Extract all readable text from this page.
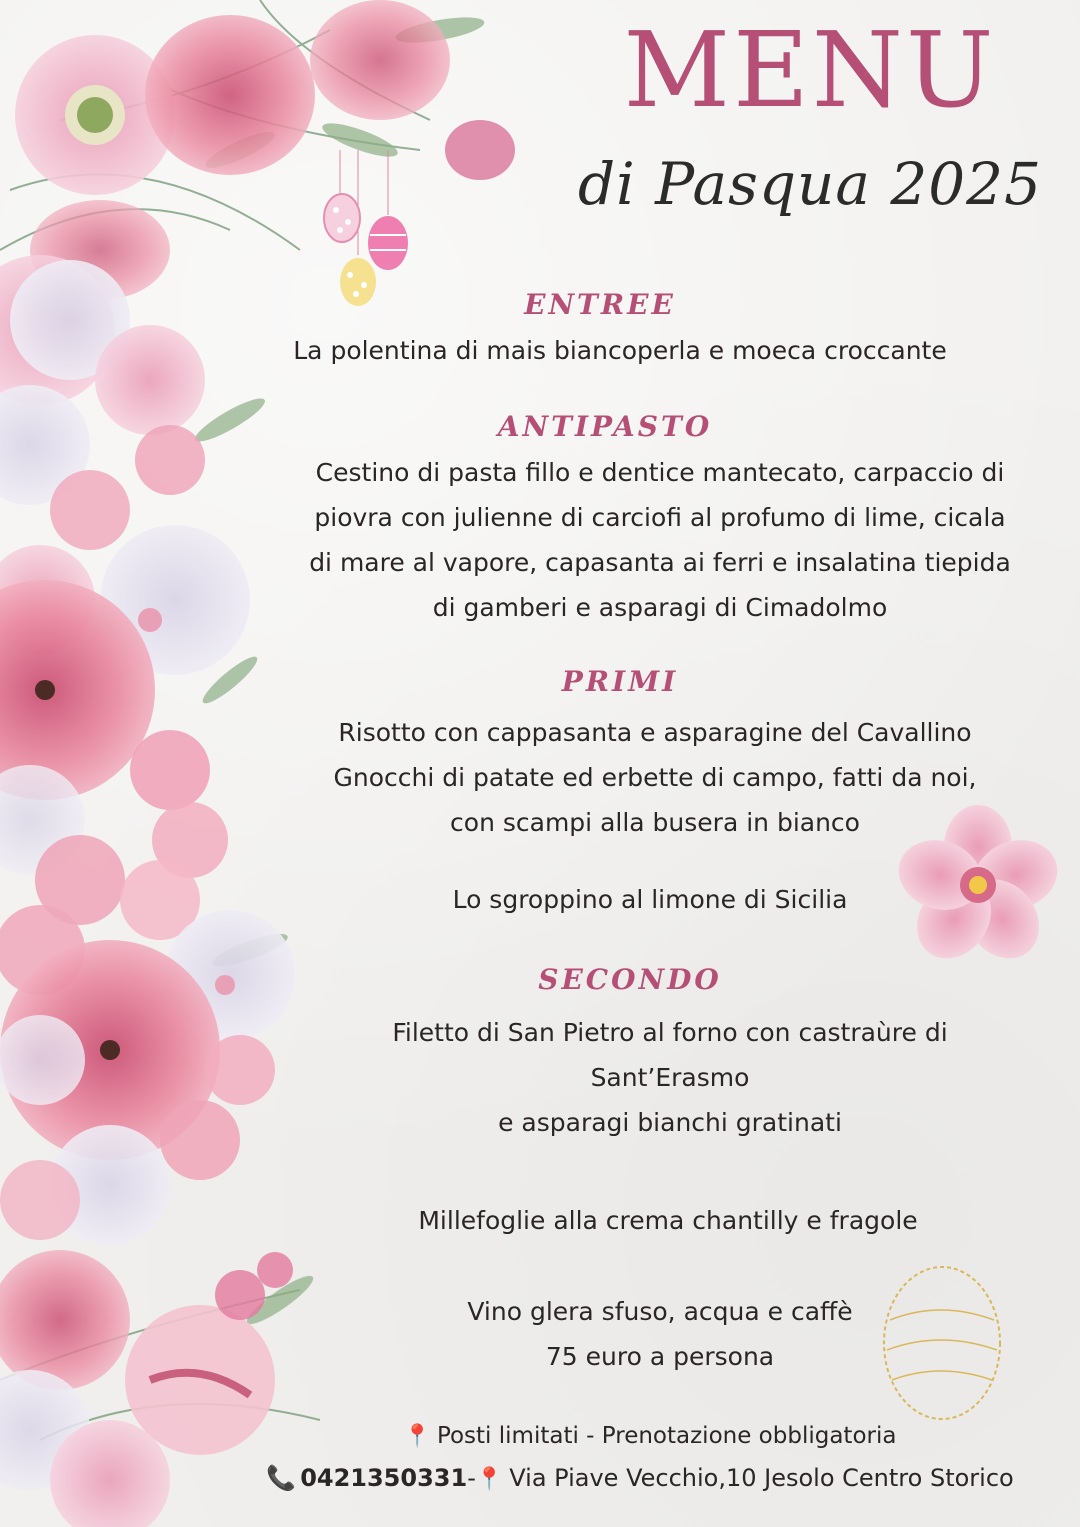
MENU
di Pasqua 2025
ENTREE
La polentina di mais biancoperla e moeca croccante
ANTIPASTO
Cestino di pasta fillo e dentice mantecato, carpaccio di
piovra con julienne di carciofi al profumo di lime, cicala
di mare al vapore, capasanta ai ferri e insalatina tiepida
di gamberi e asparagi di Cimadolmo
PRIMI
Risotto con cappasanta e asparagine del Cavallino
Gnocchi di patate ed erbette di campo, fatti da noi,
con scampi alla busera in bianco
Lo sgroppino al limone di Sicilia
SECONDO
Filetto di San Pietro al forno con castraùre di
Sant’Erasmo
e asparagi bianchi gratinati
Millefoglie alla crema chantilly e fragole
Vino glera sfuso, acqua e caffè
75 euro a persona
📍 Posti limitati - Prenotazione obbligatoria
📞 0421350331-📍 Via Piave Vecchio,10 Jesolo Centro Storico
